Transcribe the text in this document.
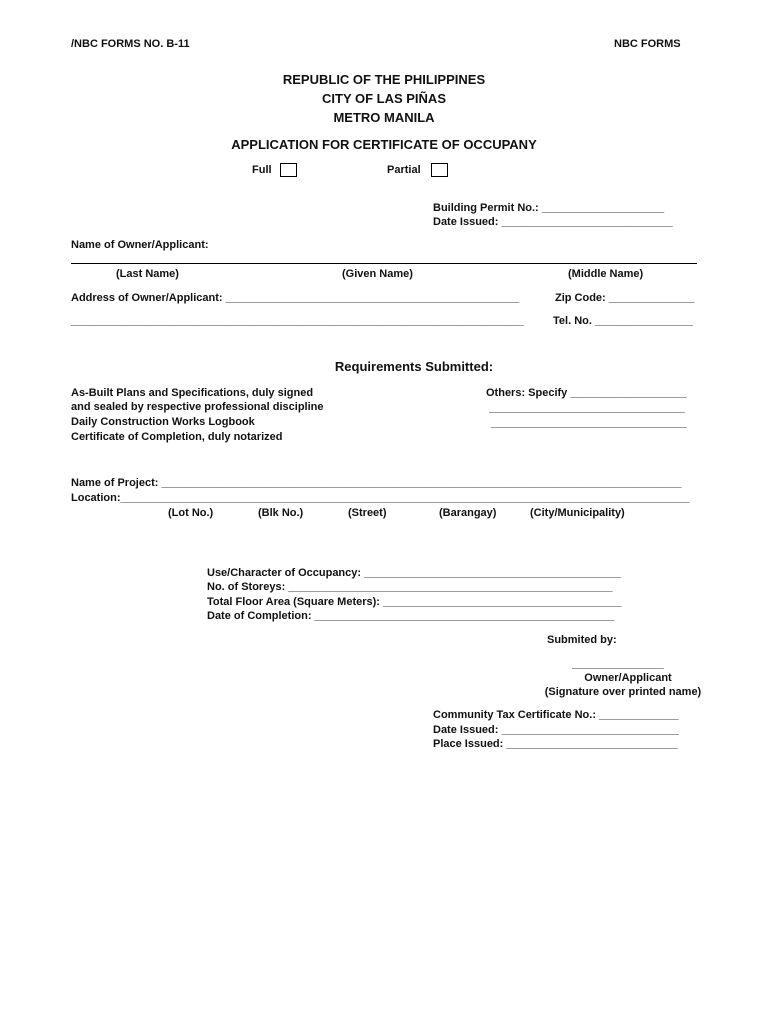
/NBC FORMS NO. B-11	NBC FORMS
REPUBLIC OF THE PHILIPPINES
CITY OF LAS PIÑAS
METRO MANILA
APPLICATION FOR CERTIFICATE OF OCCUPANY
Full	Partial
Building Permit No.: ____________________
Date Issued: ____________________________
Name of Owner/Applicant:
(Last Name)	(Given Name)	(Middle Name)
Address of Owner/Applicant: ________________________________________________	Zip Code: ______________
__________________________________________________________________________	Tel. No. ________________
Requirements Submitted:
As-Built Plans and Specifications, duly signed
and sealed by respective professional discipline
Daily Construction Works Logbook
Certificate of Completion, duly notarized
Others: Specify ___________________
________________________________
________________________________
Name of Project: _____________________________________________________________________________________
Location:_____________________________________________________________________________________________
(Lot No.)	(Blk No.)	(Street)	(Barangay)	(City/Municipality)
Use/Character of Occupancy: __________________________________________
No. of Storeys: _____________________________________________________
Total Floor Area (Square Meters): _______________________________________
Date of Completion: _________________________________________________
Submited by:
_______________
Owner/Applicant
(Signature over printed name)
Community Tax Certificate No.: _____________
Date Issued: _____________________________
Place Issued: ____________________________
